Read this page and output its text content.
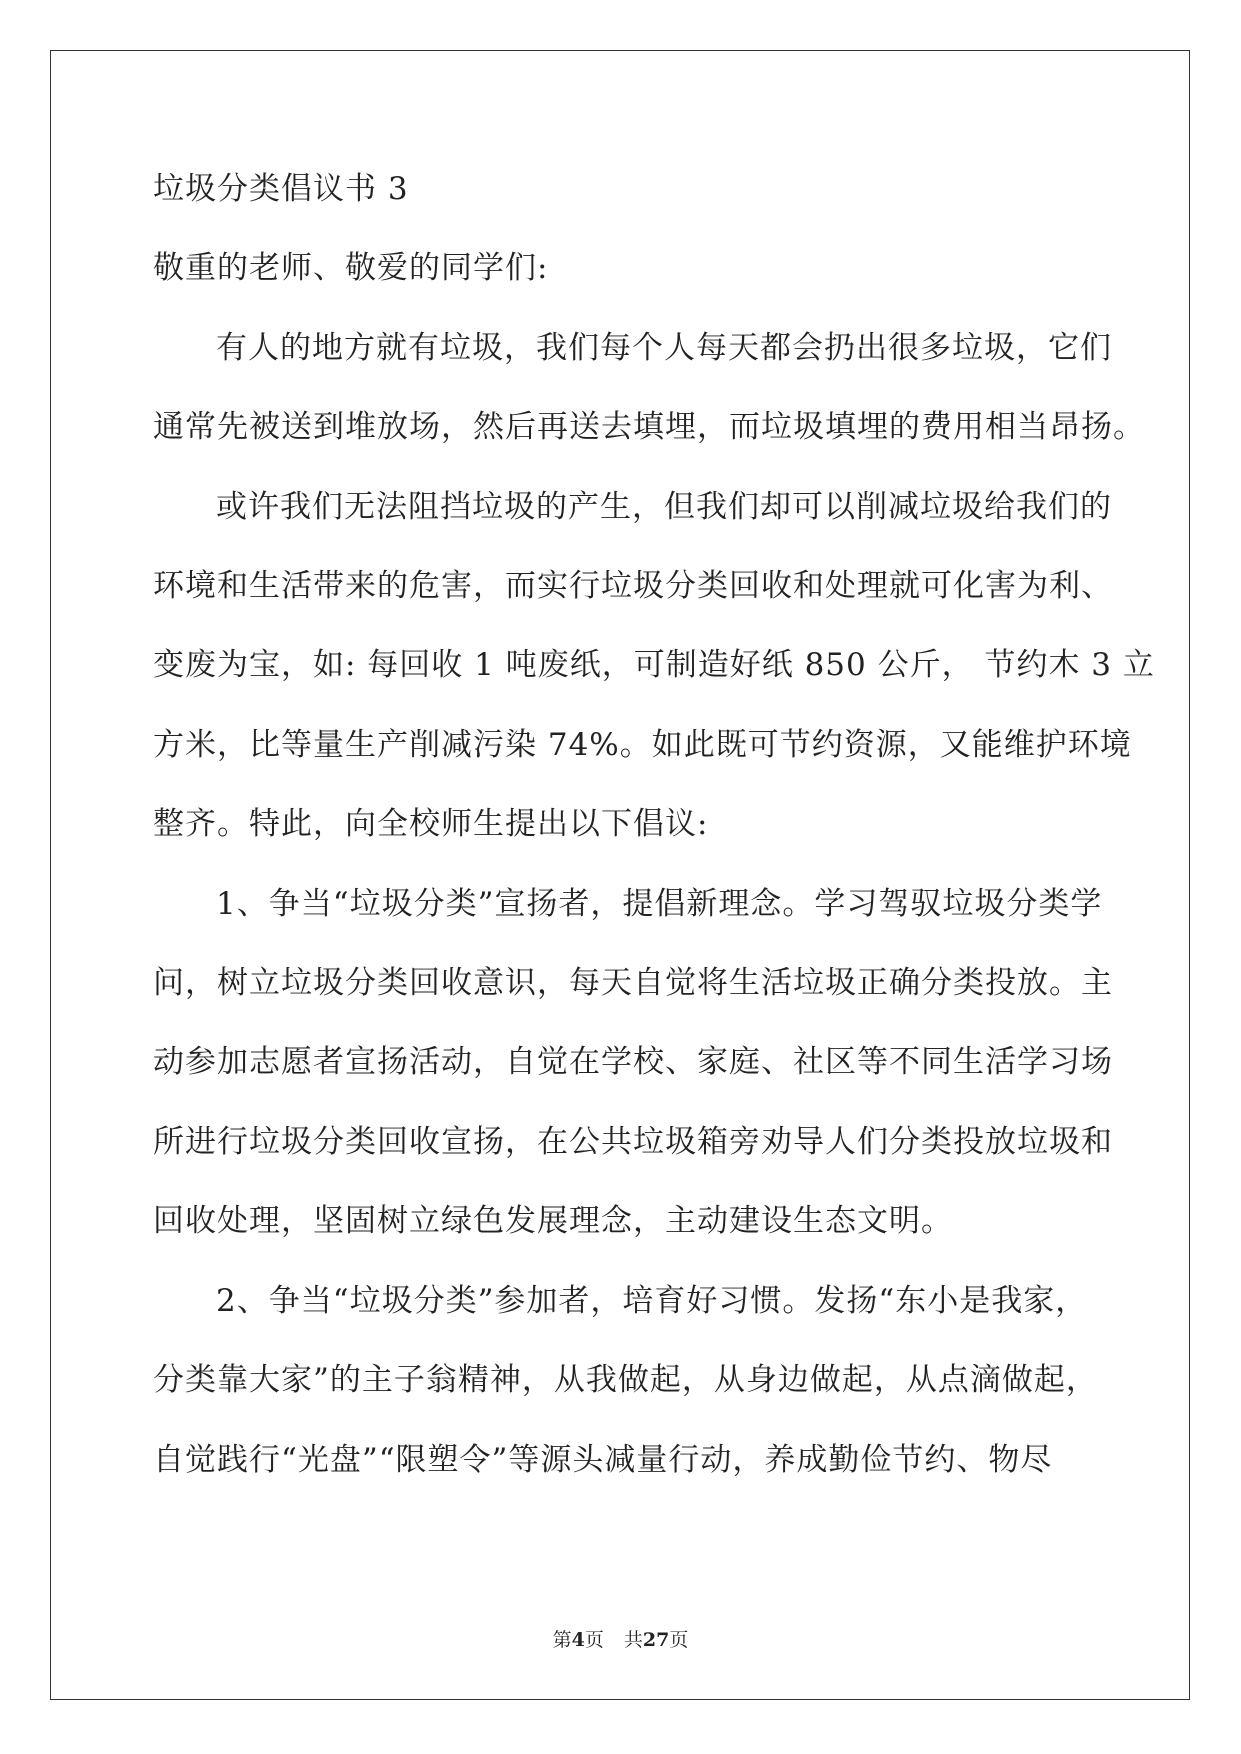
垃圾分类倡议书 3
敬重的老师、敬爱的同学们:
有人的地方就有垃圾，我们每个人每天都会扔出很多垃圾，它们
通常先被送到堆放场，然后再送去填埋，而垃圾填埋的费用相当昂扬。
或许我们无法阻挡垃圾的产生，但我们却可以削减垃圾给我们的
环境和生活带来的危害，而实行垃圾分类回收和处理就可化害为利、
变废为宝，如: 每回收 1 吨废纸，可制造好纸 850 公斤， 节约木 3 立
方米，比等量生产削减污染 74%。如此既可节约资源，又能维护环境
整齐。特此，向全校师生提出以下倡议:
1、争当“垃圾分类”宣扬者，提倡新理念。学习驾驭垃圾分类学
问，树立垃圾分类回收意识，每天自觉将生活垃圾正确分类投放。主
动参加志愿者宣扬活动，自觉在学校、家庭、社区等不同生活学习场
所进行垃圾分类回收宣扬，在公共垃圾箱旁劝导人们分类投放垃圾和
回收处理，坚固树立绿色发展理念，主动建设生态文明。
2、争当“垃圾分类”参加者，培育好习惯。发扬“东小是我家，
分类靠大家”的主子翁精神，从我做起，从身边做起，从点滴做起，
自觉践行“光盘”“限塑令”等源头减量行动，养成勤俭节约、物尽
第4页 共27页
